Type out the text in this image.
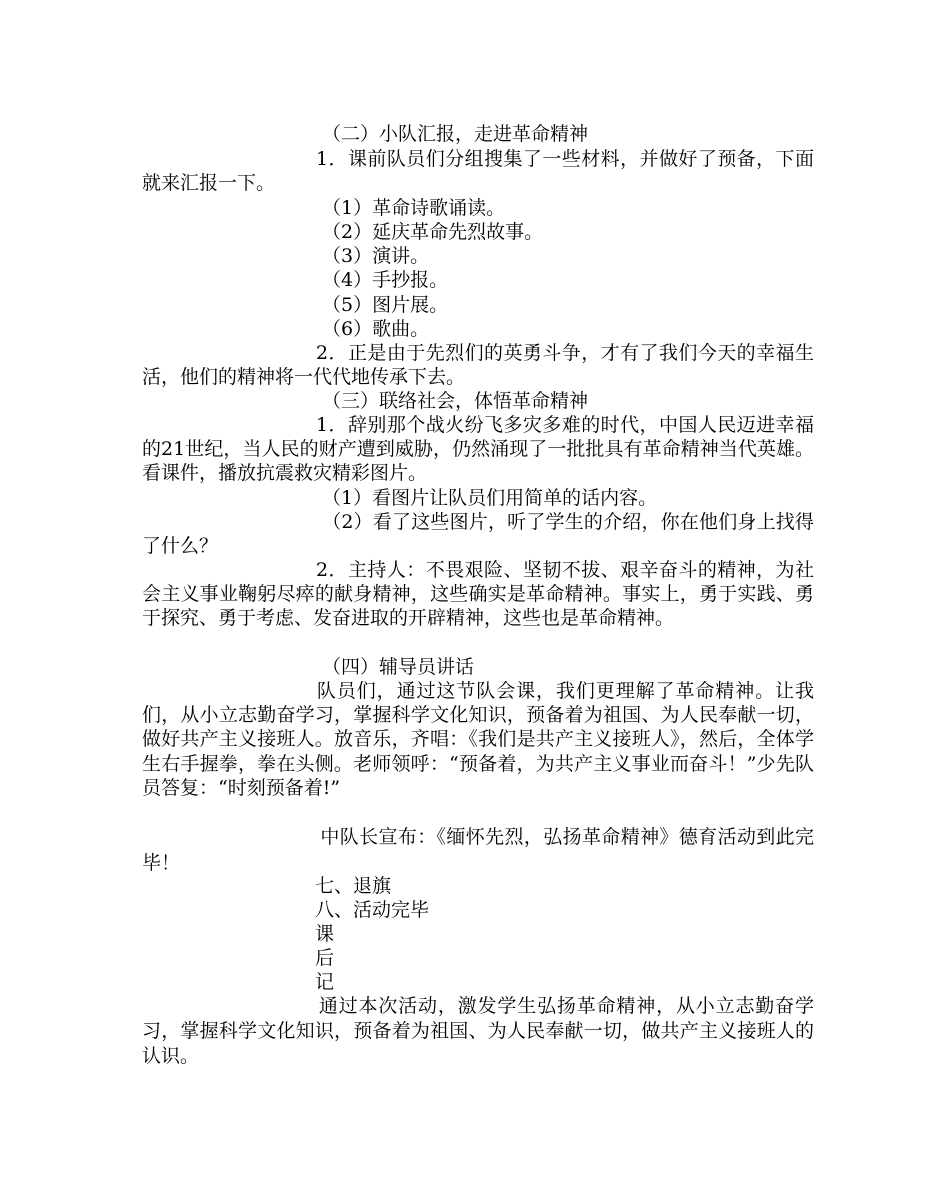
（二）小队汇报，走进革命精神
1．课前队员们分组搜集了一些材料，并做好了预备，下面就来汇报一下。
（1）革命诗歌诵读。
（2）延庆革命先烈故事。
（3）演讲。
（4）手抄报。
（5）图片展。
（6）歌曲。
2．正是由于先烈们的英勇斗争，才有了我们今天的幸福生活，他们的精神将一代代地传承下去。
（三）联络社会，体悟革命精神
1．辞别那个战火纷飞多灾多难的时代，中国人民迈进幸福的21世纪，当人民的财产遭到威胁，仍然涌现了一批批具有革命精神当代英雄。看课件，播放抗震救灾精彩图片。
（1）看图片让队员们用简单的话内容。
（2）看了这些图片，听了学生的介绍，你在他们身上找得了什么？
2．主持人：不畏艰险、坚韧不拔、艰辛奋斗的精神，为社会主义事业鞠躬尽瘁的献身精神，这些确实是革命精神。事实上，勇于实践、勇于探究、勇于考虑、发奋进取的开辟精神，这些也是革命精神。
（四）辅导员讲话
队员们，通过这节队会课，我们更理解了革命精神。让我们，从小立志勤奋学习，掌握科学文化知识，预备着为祖国、为人民奉献一切，做好共产主义接班人。放音乐，齐唱：《我们是共产主义接班人》，然后，全体学生右手握拳，拳在头侧。老师领呼：“预备着，为共产主义事业而奋斗！”少先队员答复：“时刻预备着!”
中队长宣布：《缅怀先烈，弘扬革命精神》德育活动到此完毕！
七、退旗
八、活动完毕
课
后
记
通过本次活动，激发学生弘扬革命精神，从小立志勤奋学习，掌握科学文化知识，预备着为祖国、为人民奉献一切，做共产主义接班人的认识。
